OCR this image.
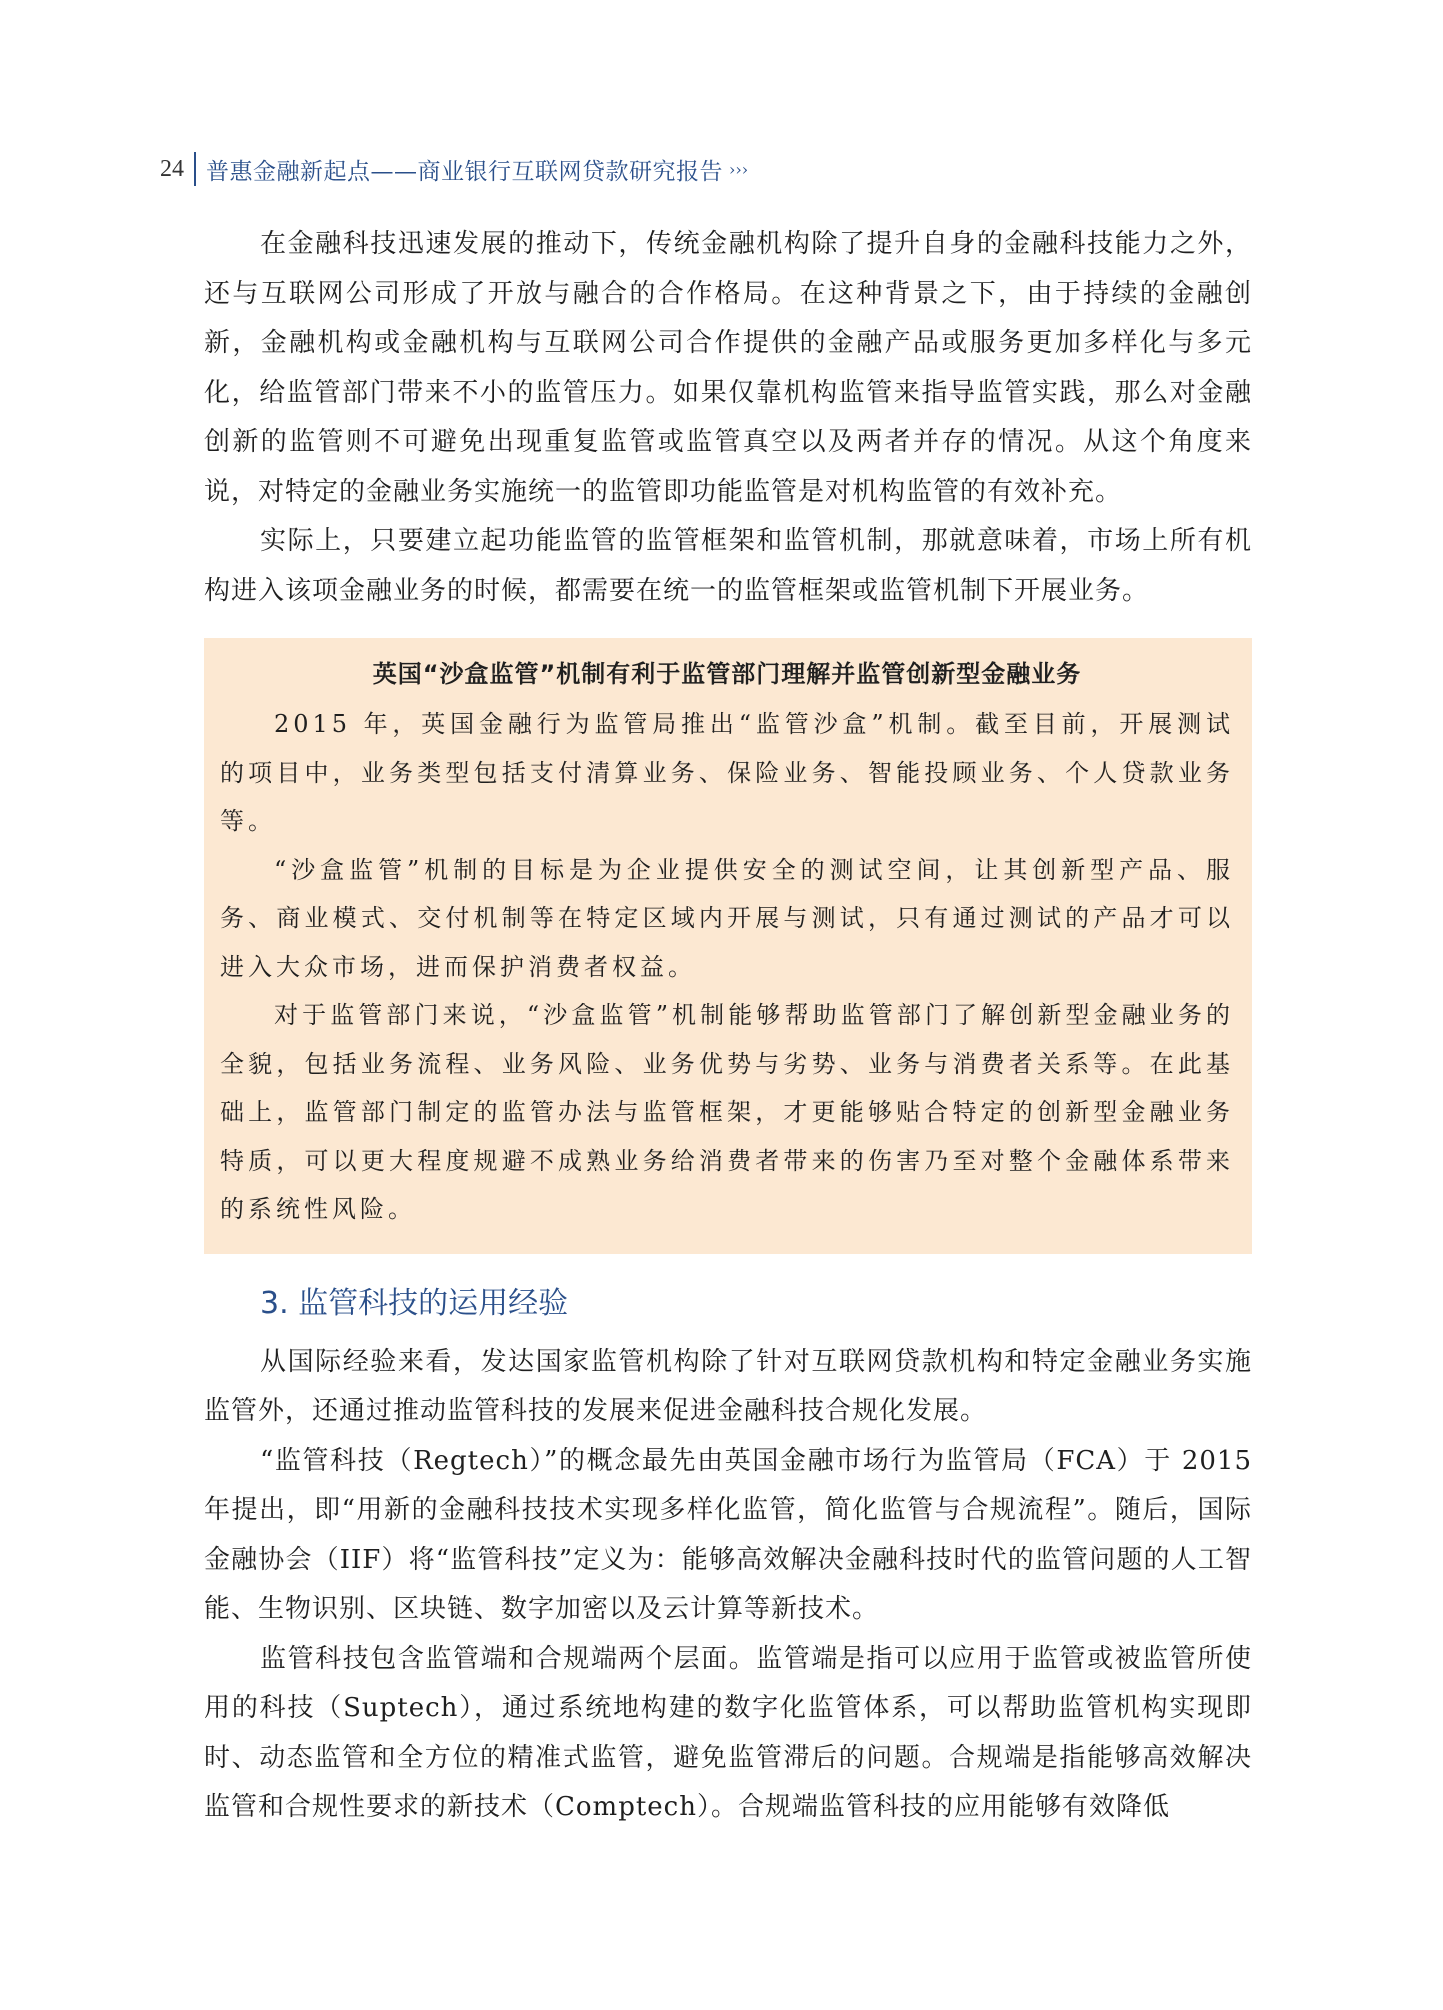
24 普惠金融新起点——商业银行互联网贷款研究报告 ›››

在金融科技迅速发展的推动下，传统金融机构除了提升自身的金融科技能力之外，还与互联网公司形成了开放与融合的合作格局。在这种背景之下，由于持续的金融创新，金融机构或金融机构与互联网公司合作提供的金融产品或服务更加多样化与多元化，给监管部门带来不小的监管压力。如果仅靠机构监管来指导监管实践，那么对金融创新的监管则不可避免出现重复监管或监管真空以及两者并存的情况。从这个角度来说，对特定的金融业务实施统一的监管即功能监管是对机构监管的有效补充。

实际上，只要建立起功能监管的监管框架和监管机制，那就意味着，市场上所有机构进入该项金融业务的时候，都需要在统一的监管框架或监管机制下开展业务。

英国“沙盒监管”机制有利于监管部门理解并监管创新型金融业务

2015 年，英国金融行为监管局推出“监管沙盒”机制。截至目前，开展测试的项目中，业务类型包括支付清算业务、保险业务、智能投顾业务、个人贷款业务等。

“沙盒监管”机制的目标是为企业提供安全的测试空间，让其创新型产品、服务、商业模式、交付机制等在特定区域内开展与测试，只有通过测试的产品才可以进入大众市场，进而保护消费者权益。

对于监管部门来说，“沙盒监管”机制能够帮助监管部门了解创新型金融业务的全貌，包括业务流程、业务风险、业务优势与劣势、业务与消费者关系等。在此基础上，监管部门制定的监管办法与监管框架，才更能够贴合特定的创新型金融业务特质，可以更大程度规避不成熟业务给消费者带来的伤害乃至对整个金融体系带来的系统性风险。

3. 监管科技的运用经验

从国际经验来看，发达国家监管机构除了针对互联网贷款机构和特定金融业务实施监管外，还通过推动监管科技的发展来促进金融科技合规化发展。

“监管科技（Regtech）”的概念最先由英国金融市场行为监管局（FCA）于 2015 年提出，即“用新的金融科技技术实现多样化监管，简化监管与合规流程”。随后，国际金融协会（IIF）将“监管科技”定义为：能够高效解决金融科技时代的监管问题的人工智能、生物识别、区块链、数字加密以及云计算等新技术。

监管科技包含监管端和合规端两个层面。监管端是指可以应用于监管或被监管所使用的科技（Suptech），通过系统地构建的数字化监管体系，可以帮助监管机构实现即时、动态监管和全方位的精准式监管，避免监管滞后的问题。合规端是指能够高效解决监管和合规性要求的新技术（Comptech）。合规端监管科技的应用能够有效降低
